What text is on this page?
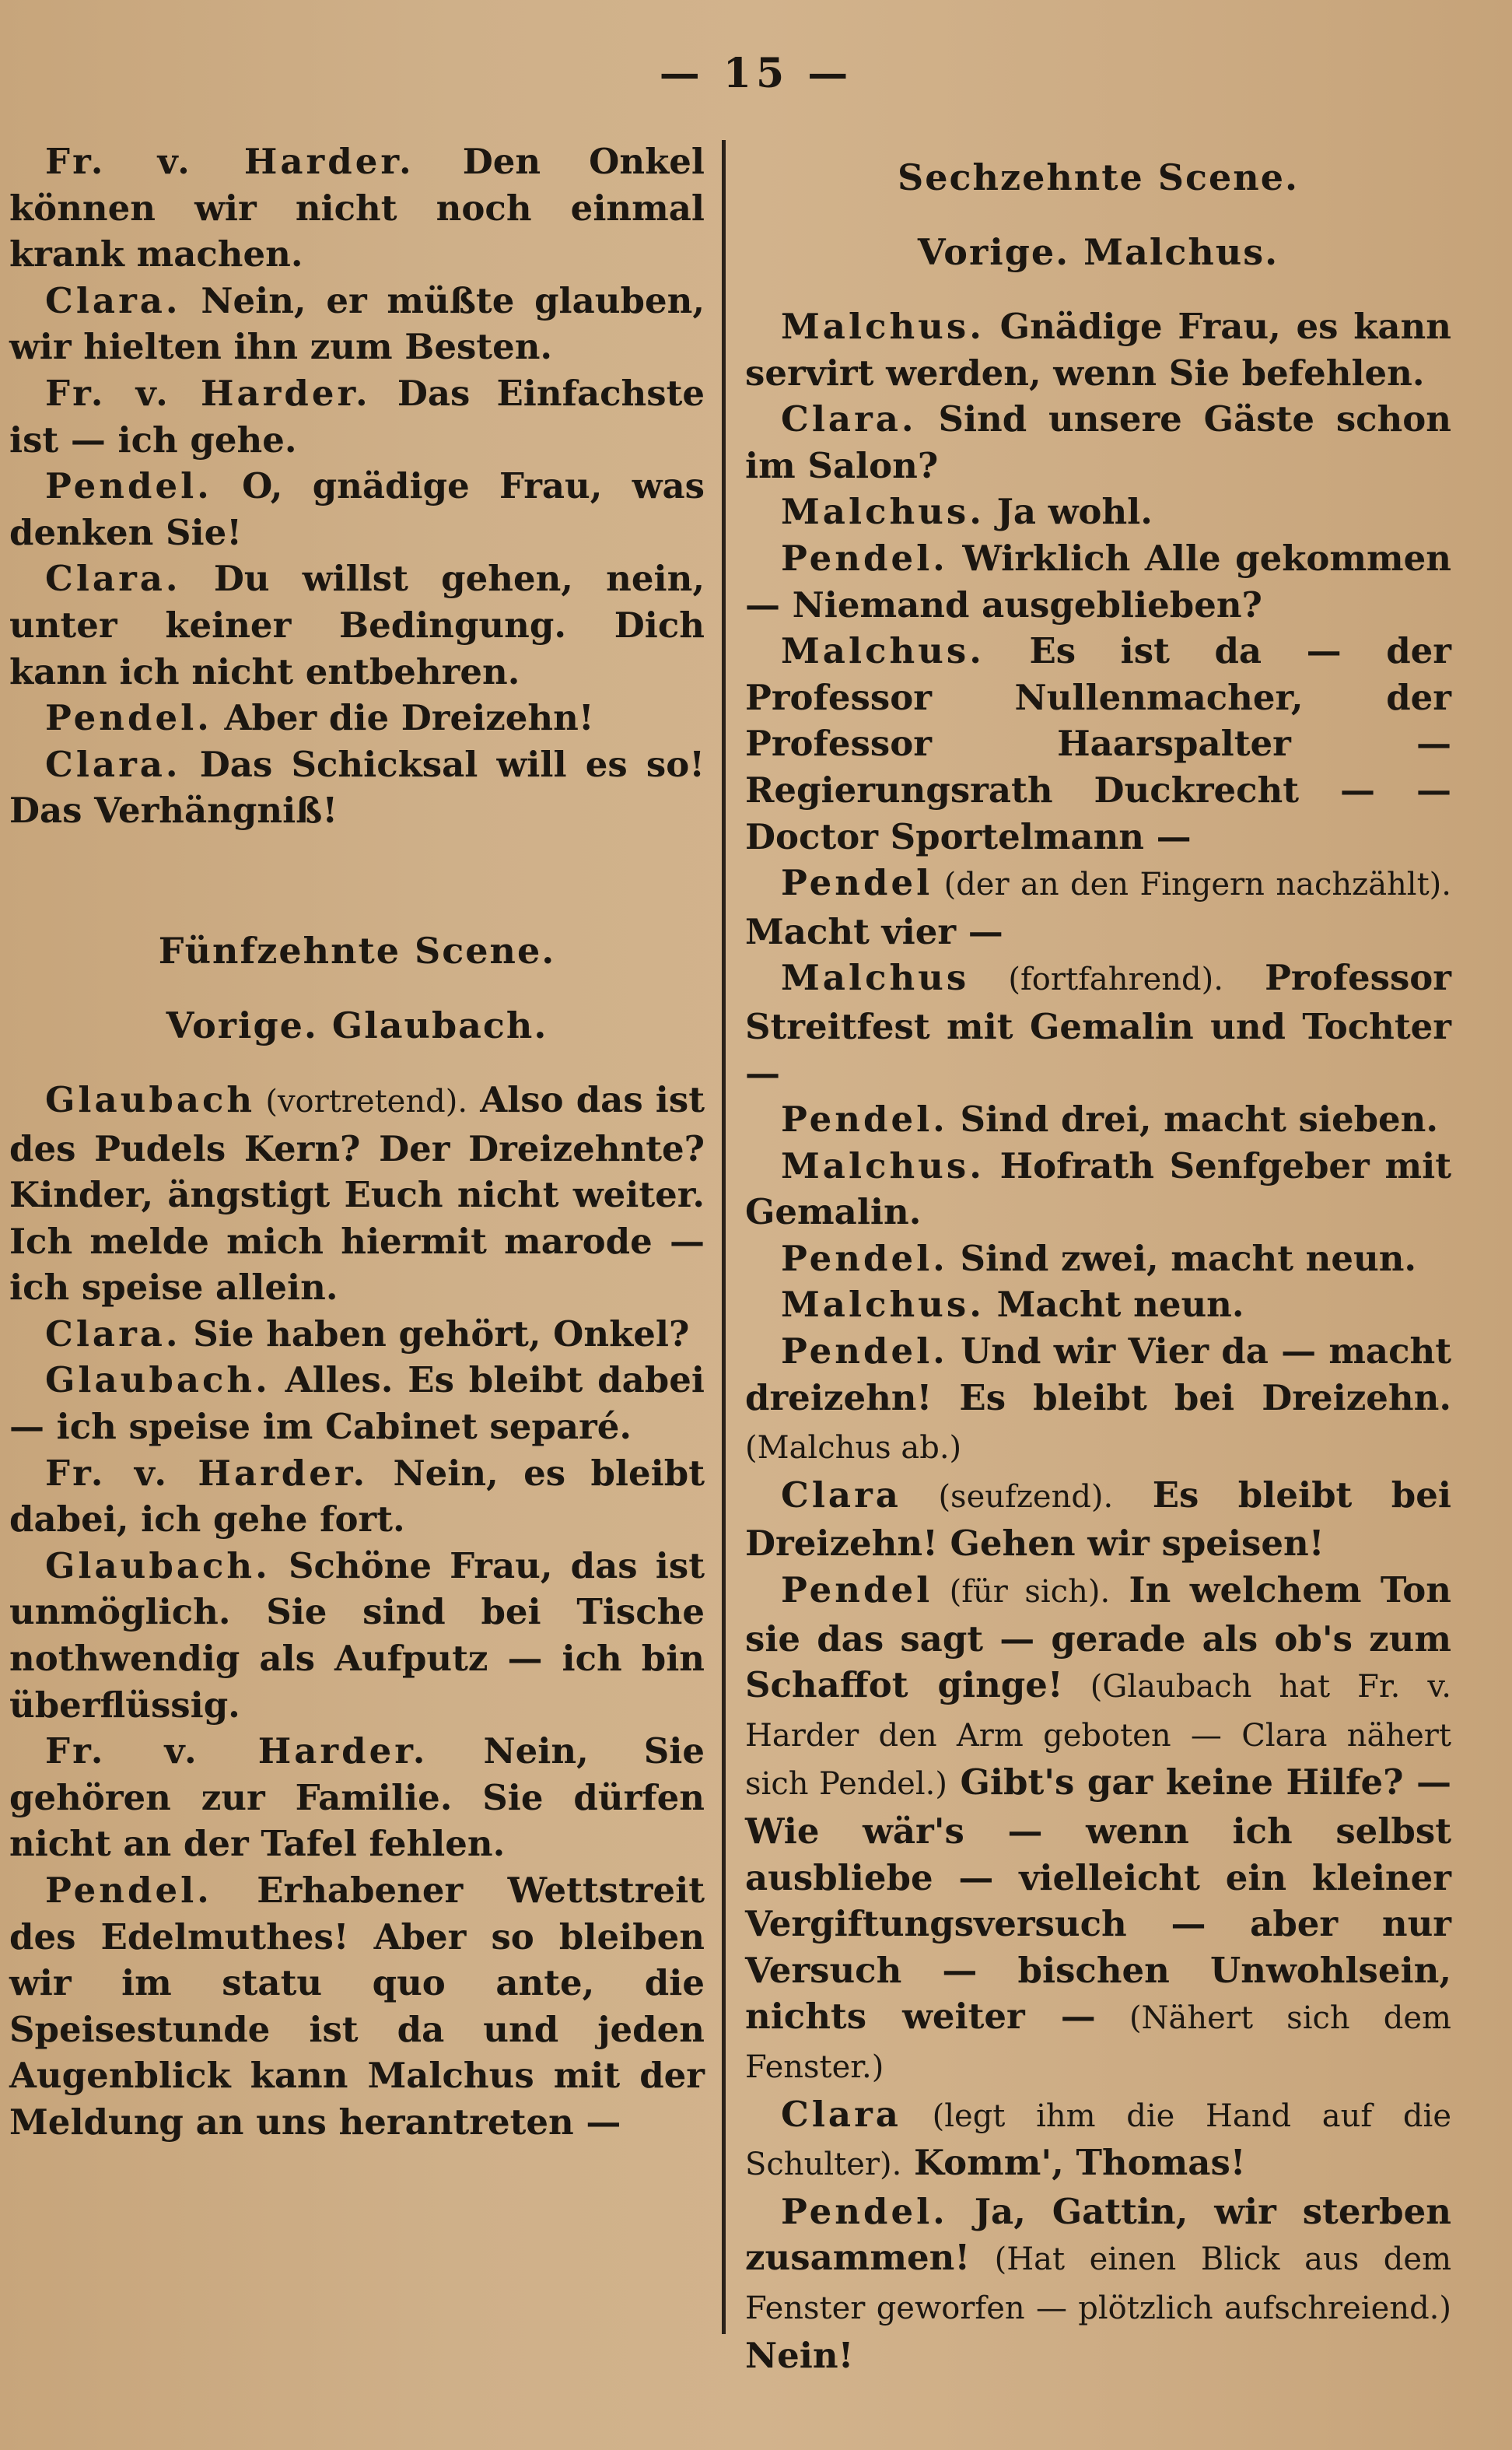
— 15 —

Fr. v. Harder. Den Onkel können wir nicht noch einmal krank machen.

Clara. Nein, er müßte glauben, wir hielten ihn zum Besten.

Fr. v. Harder. Das Einfachste ist — ich gehe.

Pendel. O, gnädige Frau, was denken Sie!

Clara. Du willst gehen, nein, unter keiner Bedingung. Dich kann ich nicht entbehren.

Pendel. Aber die Dreizehn!

Clara. Das Schicksal will es so! Das Verhängniß!

Fünfzehnte Scene.
Vorige. Glaubach.

Glaubach (vortretend). Also das ist des Pudels Kern? Der Dreizehnte? Kinder, ängstigt Euch nicht weiter. Ich melde mich hiermit marode — ich speise allein.

Clara. Sie haben gehört, Onkel?

Glaubach. Alles. Es bleibt dabei — ich speise im Cabinet separé.

Fr. v. Harder. Nein, es bleibt dabei, ich gehe fort.

Glaubach. Schöne Frau, das ist unmöglich. Sie sind bei Tische nothwendig als Aufputz — ich bin überflüssig.

Fr. v. Harder. Nein, Sie gehören zur Familie. Sie dürfen nicht an der Tafel fehlen.

Pendel. Erhabener Wettstreit des Edelmuthes! Aber so bleiben wir im statu quo ante, die Speisestunde ist da und jeden Augenblick kann Malchus mit der Meldung an uns herantreten —

Sechzehnte Scene.
Vorige. Malchus.

Malchus. Gnädige Frau, es kann servirt werden, wenn Sie befehlen.

Clara. Sind unsere Gäste schon im Salon?

Malchus. Ja wohl.

Pendel. Wirklich Alle gekommen — Niemand ausgeblieben?

Malchus. Es ist da — der Professor Nullenmacher, der Professor Haarspalter — Regierungsrath Duckrecht — — Doctor Sportelmann —

Pendel (der an den Fingern nachzählt). Macht vier —

Malchus (fortfahrend). Professor Streitfest mit Gemalin und Tochter —

Pendel. Sind drei, macht sieben.

Malchus. Hofrath Senfgeber mit Gemalin.

Pendel. Sind zwei, macht neun.

Malchus. Macht neun.

Pendel. Und wir Vier da — macht dreizehn! Es bleibt bei Dreizehn. (Malchus ab.)

Clara (seufzend). Es bleibt bei Dreizehn! Gehen wir speisen!

Pendel (für sich). In welchem Ton sie das sagt — gerade als ob's zum Schaffot ginge! (Glaubach hat Fr. v. Harder den Arm geboten — Clara nähert sich Pendel.) Gibt's gar keine Hilfe? — Wie wär's — wenn ich selbst ausbliebe — vielleicht ein kleiner Vergiftungsversuch — aber nur Versuch — bischen Unwohlsein, nichts weiter — (Nähert sich dem Fenster.)

Clara (legt ihm die Hand auf die Schulter). Komm', Thomas!

Pendel. Ja, Gattin, wir sterben zusammen! (Hat einen Blick aus dem Fenster geworfen — plötzlich aufschreiend.) Nein!
